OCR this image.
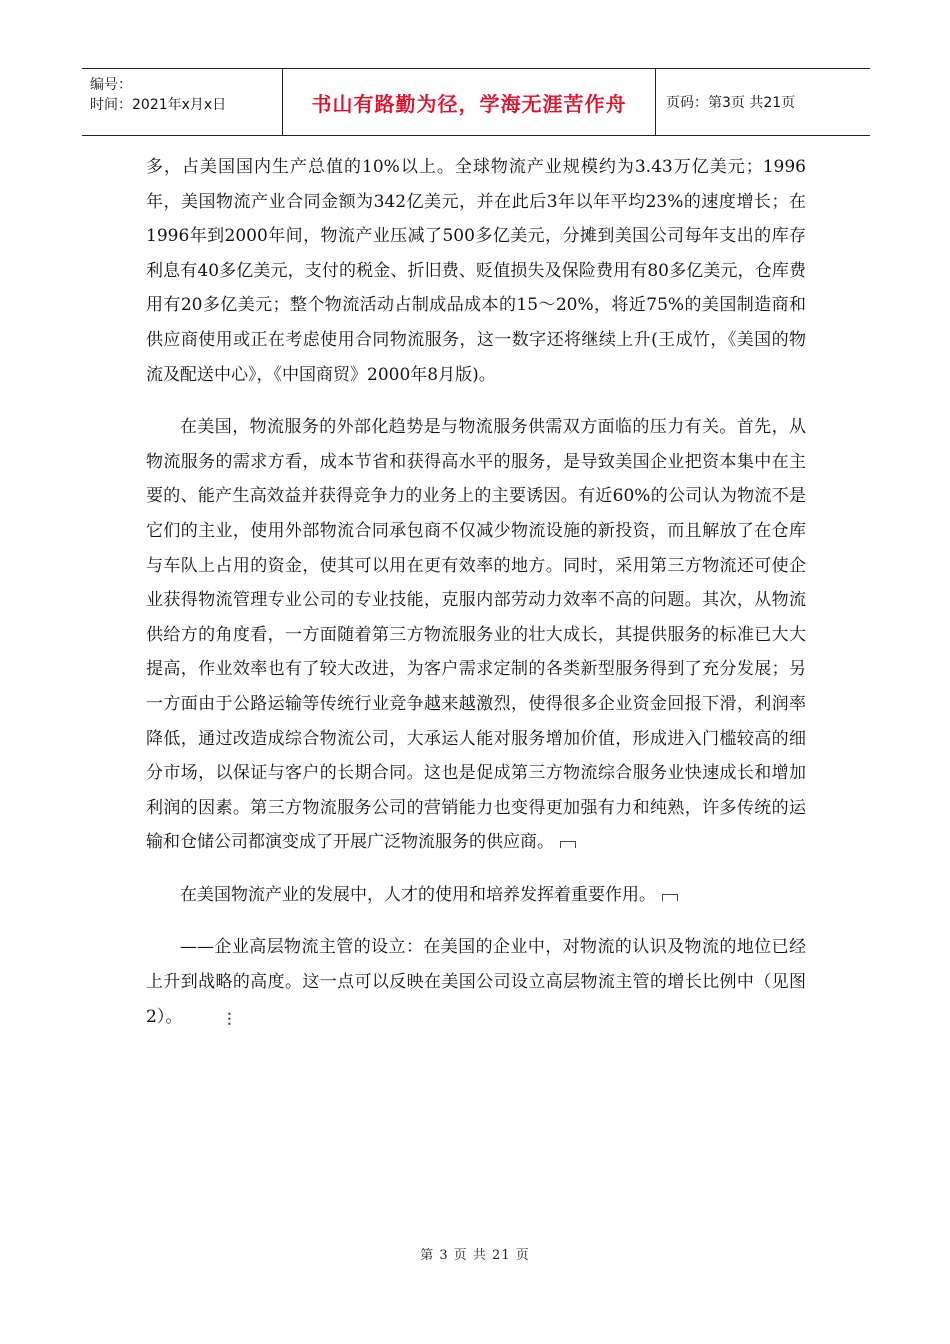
编号：
时间：2021年x月x日	书山有路勤为径，学海无涯苦作舟	页码：第3页 共21页

多，占美国国内生产总值的10%以上。全球物流产业规模约为3.43万亿美元；1996年，美国物流产业合同金额为342亿美元，并在此后3年以年平均23%的速度增长；在1996年到2000年间，物流产业压减了500多亿美元，分摊到美国公司每年支出的库存利息有40多亿美元，支付的税金、折旧费、贬值损失及保险费用有80多亿美元，仓库费用有20多亿美元；整个物流活动占制成品成本的15～20%，将近75%的美国制造商和供应商使用或正在考虑使用合同物流服务，这一数字还将继续上升(王成竹，《美国的物流及配送中心》，《中国商贸》2000年8月版)。

在美国，物流服务的外部化趋势是与物流服务供需双方面临的压力有关。首先，从物流服务的需求方看，成本节省和获得高水平的服务，是导致美国企业把资本集中在主要的、能产生高效益并获得竞争力的业务上的主要诱因。有近60%的公司认为物流不是它们的主业，使用外部物流合同承包商不仅减少物流设施的新投资，而且解放了在仓库与车队上占用的资金，使其可以用在更有效率的地方。同时，采用第三方物流还可使企业获得物流管理专业公司的专业技能，克服内部劳动力效率不高的问题。其次，从物流供给方的角度看，一方面随着第三方物流服务业的壮大成长，其提供服务的标准已大大提高，作业效率也有了较大改进，为客户需求定制的各类新型服务得到了充分发展；另一方面由于公路运输等传统行业竞争越来越激烈，使得很多企业资金回报下滑，利润率降低，通过改造成综合物流公司，大承运人能对服务增加价值，形成进入门槛较高的细分市场，以保证与客户的长期合同。这也是促成第三方物流综合服务业快速成长和增加利润的因素。第三方物流服务公司的营销能力也变得更加强有力和纯熟，许多传统的运输和仓储公司都演变成了开展广泛物流服务的供应商。

在美国物流产业的发展中，人才的使用和培养发挥着重要作用。

——企业高层物流主管的设立：在美国的企业中，对物流的认识及物流的地位已经上升到战略的高度。这一点可以反映在美国公司设立高层物流主管的增长比例中（见图2）。	⋮

第 3 页 共 21 页
